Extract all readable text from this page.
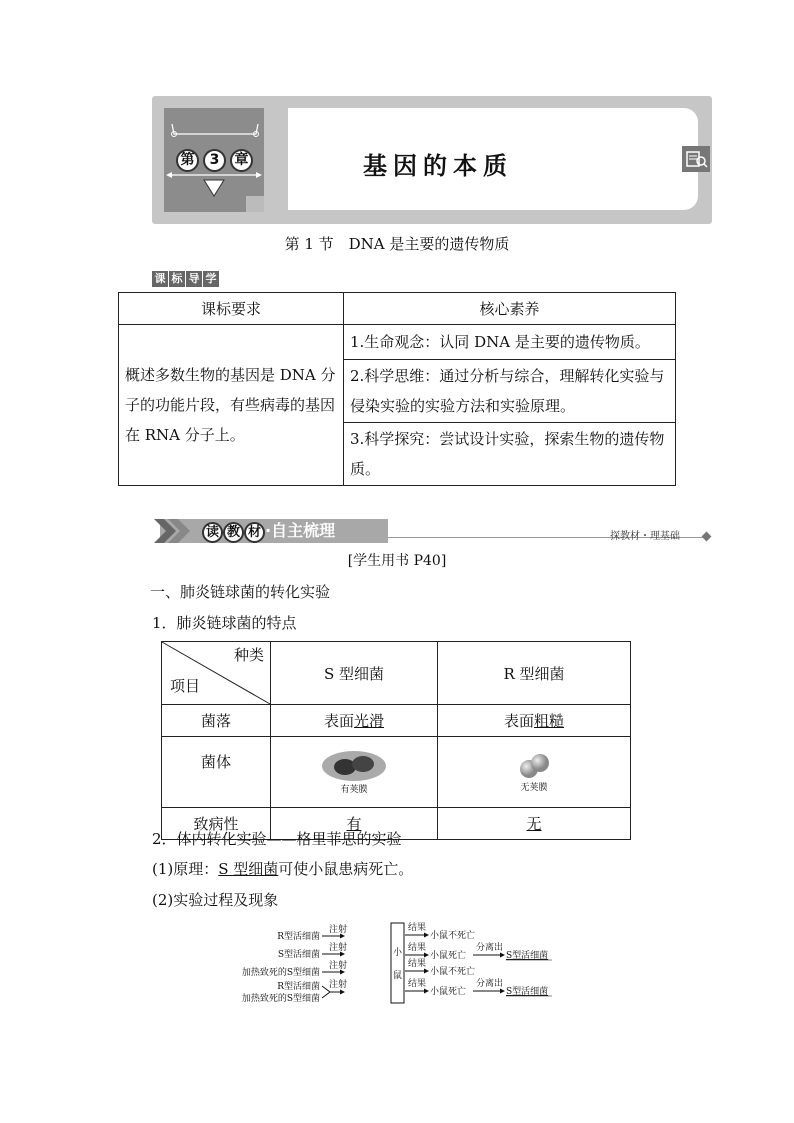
第	3	章	基因的本质
第 1 节　DNA 是主要的遗传物质
课 标 导 学
课标要求	核心素养
概述多数生物的基因是 DNA 分子的功能片段，有些病毒的基因在 RNA 分子上。	1.生命观念：认同 DNA 是主要的遗传物质。
	2.科学思维：通过分析与综合，理解转化实验与侵染实验的实验方法和实验原理。
	3.科学探究：尝试设计实验，探索生物的遗传物质。
读 教 材 ·自主梳理	探教材・理基础
[学生用书 P40]
一、肺炎链球菌的转化实验
1．肺炎链球菌的特点
种类
项目	S 型细菌	R 型细菌
菌落	表面光滑	表面粗糙
菌体	有荚膜	无荚膜

致病性	有	无
2．体内转化实验——格里菲思的实验
(1)原理：S 型细菌可使小鼠患病死亡。
(2)实验过程及现象
R型活细菌
S型活细菌
加热致死的S型细菌
R型活细菌
加热致死的S型细菌
注射
注射
注射
注射
小
鼠
结果
结果
结果
结果
小鼠不死亡
小鼠死亡
小鼠不死亡
小鼠死亡
分离出
分离出
S型活细菌
S型活细菌
